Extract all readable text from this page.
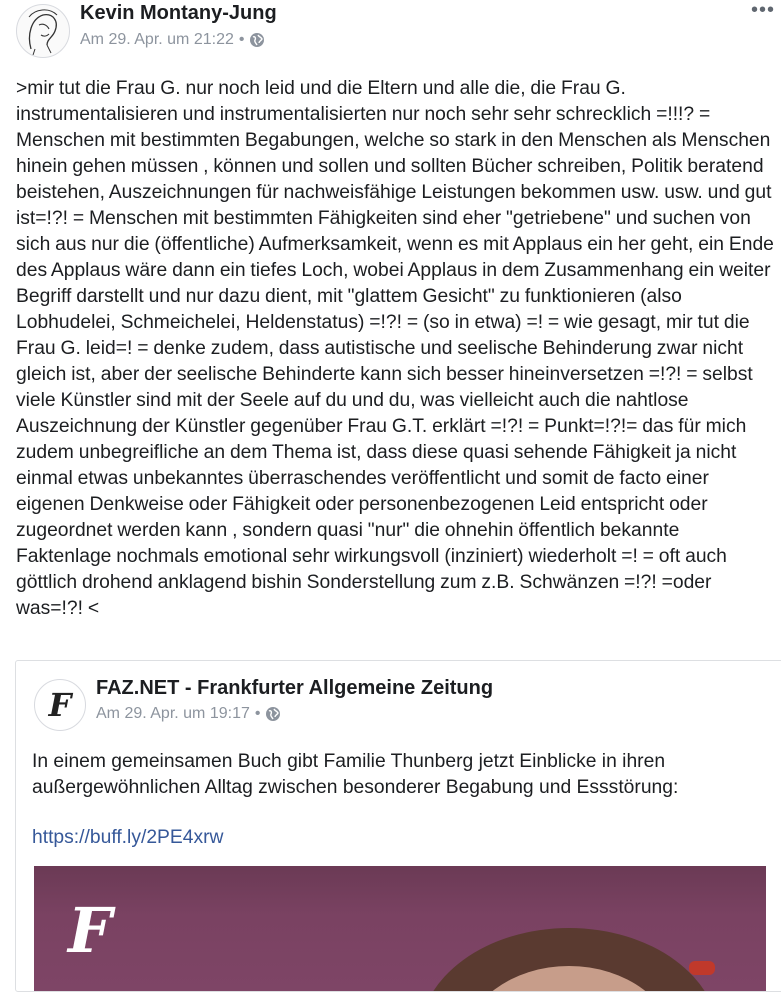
Kevin Montany-Jung
Am 29. Apr. um 21:22 •
•••

>mir tut die Frau G. nur noch leid und die Eltern und alle die, die Frau G. instrumentalisieren und instrumentalisierten nur noch sehr sehr schrecklich =!!!? = Menschen mit bestimmten Begabungen, welche so stark in den Menschen als Menschen hinein gehen müssen , können und sollen und sollten Bücher schreiben, Politik beratend beistehen, Auszeichnungen für nachweisfähige Leistungen bekommen usw. usw. und gut ist=!?! = Menschen mit bestimmten Fähigkeiten sind eher "getriebene" und suchen von sich aus nur die (öffentliche) Aufmerksamkeit, wenn es mit Applaus ein her geht, ein Ende des Applaus wäre dann ein tiefes Loch, wobei Applaus in dem Zusammenhang ein weiter Begriff darstellt und nur dazu dient, mit "glattem Gesicht" zu funktionieren (also Lobhudelei, Schmeichelei, Heldenstatus) =!?! = (so in etwa) =! = wie gesagt, mir tut die Frau G. leid=! = denke zudem, dass autistische und seelische Behinderung zwar nicht gleich ist, aber der seelische Behinderte kann sich besser hineinversetzen =!?! = selbst viele Künstler sind mit der Seele auf du und du, was vielleicht auch die nahtlose Auszeichnung der Künstler gegenüber Frau G.T. erklärt =!?! = Punkt=!?!= das für mich zudem unbegreifliche an dem Thema ist, dass diese quasi sehende Fähigkeit ja nicht einmal etwas unbekanntes überraschendes veröffentlicht und somit de facto einer eigenen Denkweise oder Fähigkeit oder personenbezogenen Leid entspricht oder zugeordnet werden kann , sondern quasi "nur" die ohnehin öffentlich bekannte Faktenlage nochmals emotional sehr wirkungsvoll (inziniert) wiederholt =! = oft auch göttlich drohend anklagend bishin Sonderstellung zum z.B. Schwänzen =!?! =oder was=!?! <

F FAZ.NET - Frankfurter Allgemeine Zeitung
Am 29. Apr. um 19:17 •

In einem gemeinsamen Buch gibt Familie Thunberg jetzt Einblicke in ihren außergewöhnlichen Alltag zwischen besonderer Begabung und Essstörung:

https://buff.ly/2PE4xrw
F
